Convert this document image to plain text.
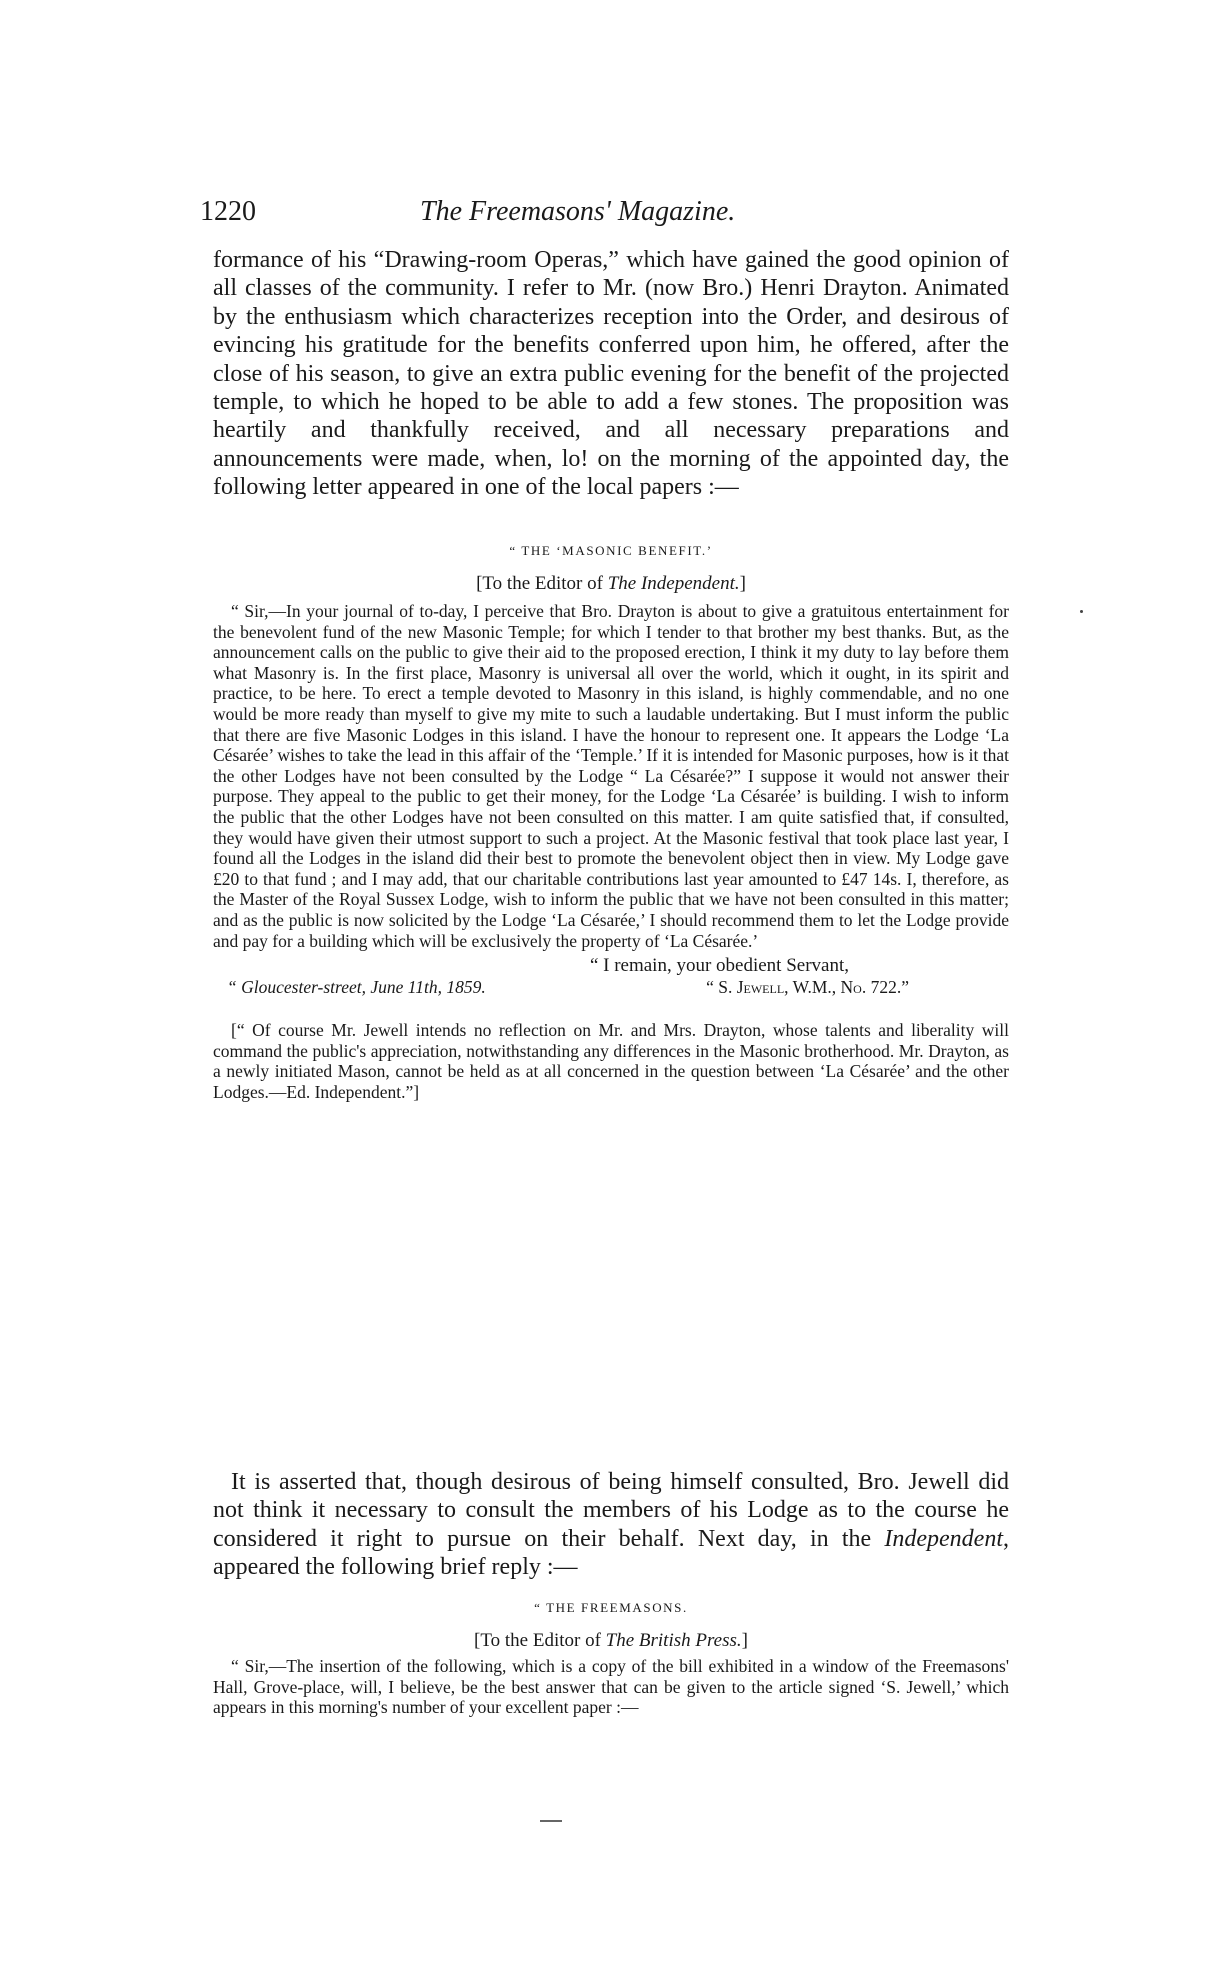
1220	The Freemasons' Magazine.

formance of his “Drawing-room Operas,” which have gained the good opinion of all classes of the community. I refer to Mr. (now Bro.) Henri Drayton. Animated by the enthusiasm which characterizes reception into the Order, and desirous of evincing his gratitude for the benefits conferred upon him, he offered, after the close of his season, to give an extra public evening for the benefit of the projected temple, to which he hoped to be able to add a few stones. The proposition was heartily and thankfully received, and all necessary preparations and announcements were made, when, lo! on the morning of the appointed day, the following letter appeared in one of the local papers :—

“ THE ‘MASONIC BENEFIT.’

[To the Editor of The Independent.]

“ Sir,—In your journal of to-day, I perceive that Bro. Drayton is about to give a gratuitous entertainment for the benevolent fund of the new Masonic Temple; for which I tender to that brother my best thanks. But, as the announcement calls on the public to give their aid to the proposed erection, I think it my duty to lay before them what Masonry is. In the first place, Masonry is universal all over the world, which it ought, in its spirit and practice, to be here. To erect a temple devoted to Masonry in this island, is highly commendable, and no one would be more ready than myself to give my mite to such a laudable undertaking. But I must inform the public that there are five Masonic Lodges in this island. I have the honour to represent one. It appears the Lodge ‘La Césarée’ wishes to take the lead in this affair of the ‘Temple.’ If it is intended for Masonic purposes, how is it that the other Lodges have not been consulted by the Lodge “ La Césarée?” I suppose it would not answer their purpose. They appeal to the public to get their money, for the Lodge ‘La Césarée’ is building. I wish to inform the public that the other Lodges have not been consulted on this matter. I am quite satisfied that, if consulted, they would have given their utmost support to such a project. At the Masonic festival that took place last year, I found all the Lodges in the island did their best to promote the benevolent object then in view. My Lodge gave £20 to that fund ; and I may add, that our charitable contributions last year amounted to £47 14s. I, therefore, as the Master of the Royal Sussex Lodge, wish to inform the public that we have not been consulted in this matter; and as the public is now solicited by the Lodge ‘La Césarée,’ I should recommend them to let the Lodge provide and pay for a building which will be exclusively the property of ‘La Césarée.’

“ I remain, your obedient Servant,

“ Gloucester-street, June 11th, 1859.	“ S. Jewell, W.M., No. 722.”

[“ Of course Mr. Jewell intends no reflection on Mr. and Mrs. Drayton, whose talents and liberality will command the public's appreciation, notwithstanding any differences in the Masonic brotherhood. Mr. Drayton, as a newly initiated Mason, cannot be held as at all concerned in the question between ‘La Césarée’ and the other Lodges.—Ed. Independent.”]

It is asserted that, though desirous of being himself consulted, Bro. Jewell did not think it necessary to consult the members of his Lodge as to the course he considered it right to pursue on their behalf. Next day, in the Independent, appeared the following brief reply :—

“ THE FREEMASONS.

[To the Editor of The British Press.]

“ Sir,—The insertion of the following, which is a copy of the bill exhibited in a window of the Freemasons' Hall, Grove-place, will, I believe, be the best answer that can be given to the article signed ‘S. Jewell,’ which appears in this morning's number of your excellent paper :—
